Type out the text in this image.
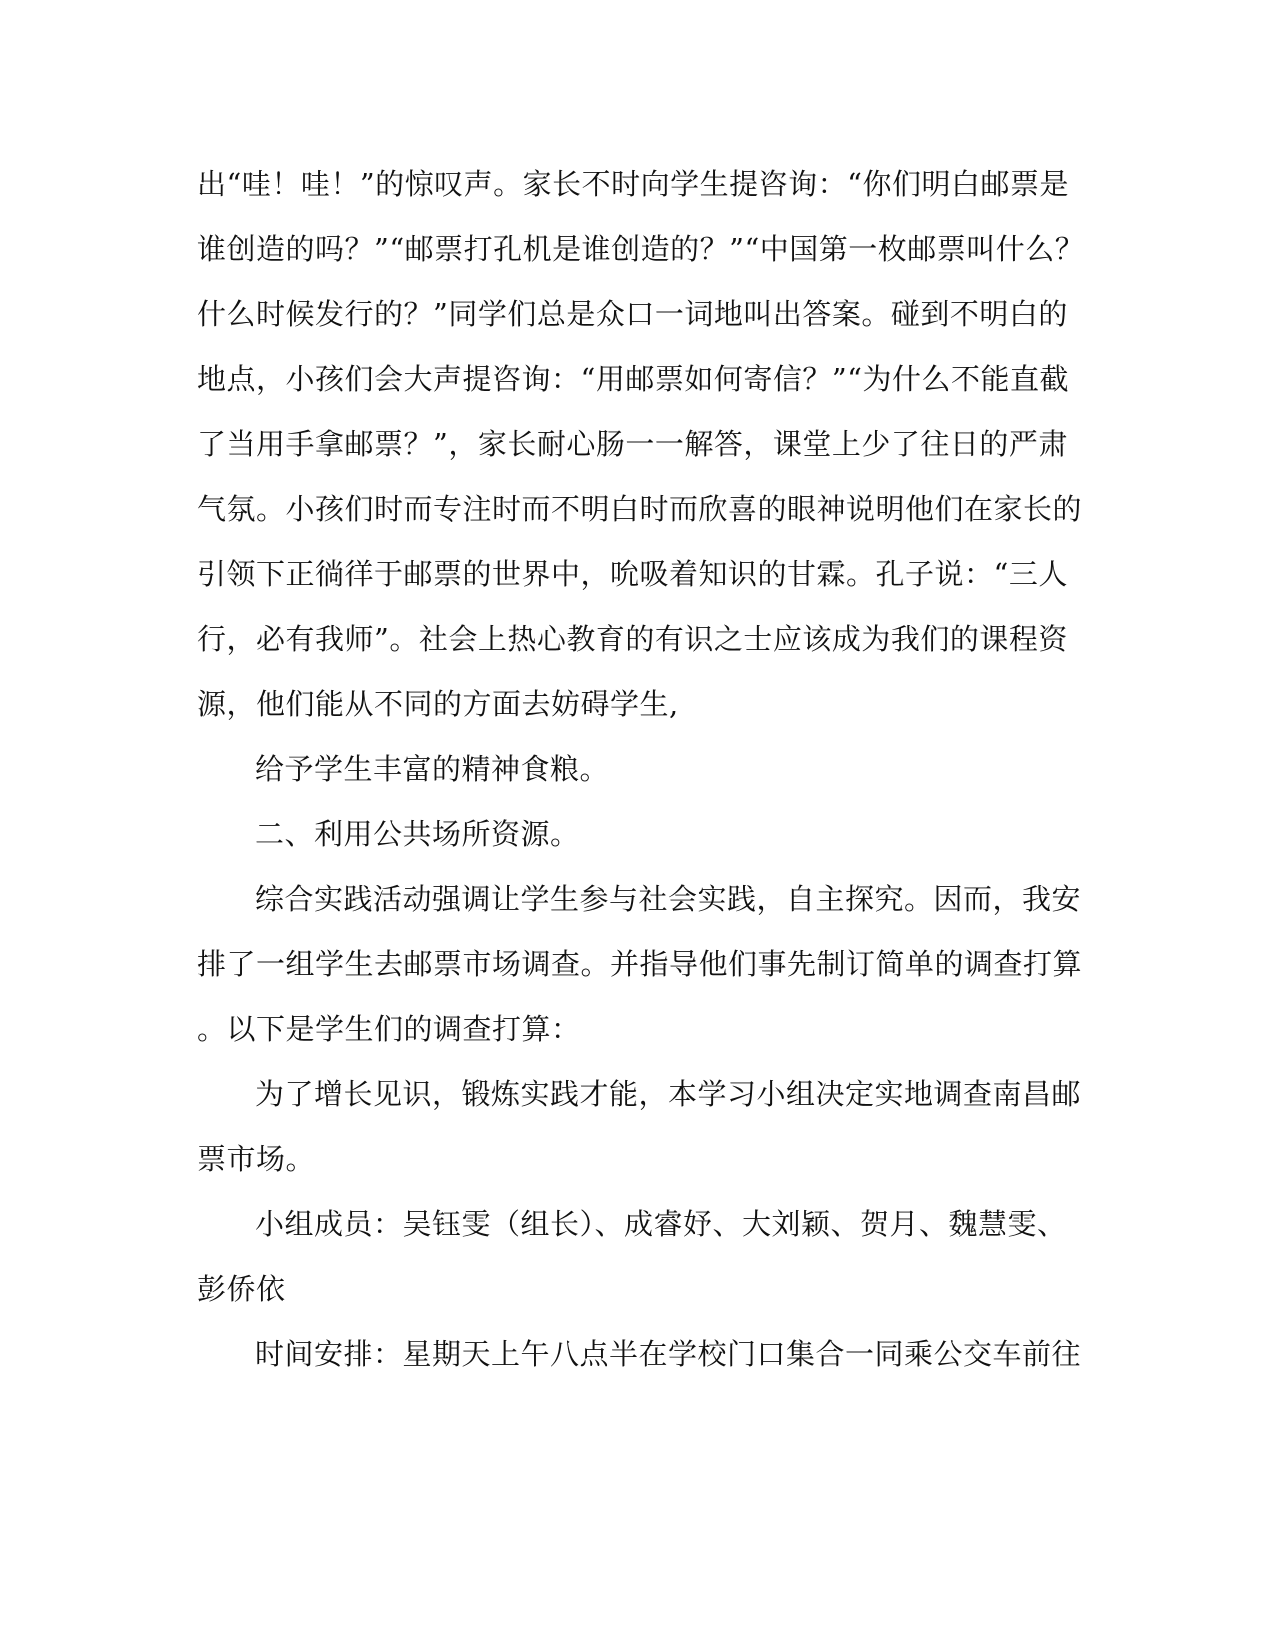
出“哇！哇！”的惊叹声。家长不时向学生提咨询：“你们明白邮票是
谁创造的吗？”“邮票打孔机是谁创造的？”“中国第一枚邮票叫什么？
什么时候发行的？”同学们总是众口一词地叫出答案。碰到不明白的
地点，小孩们会大声提咨询：“用邮票如何寄信？”“为什么不能直截
了当用手拿邮票？”，家长耐心肠一一解答，课堂上少了往日的严肃
气氛。小孩们时而专注时而不明白时而欣喜的眼神说明他们在家长的
引领下正徜徉于邮票的世界中，吮吸着知识的甘霖。孔子说：“三人
行，必有我师”。社会上热心教育的有识之士应该成为我们的课程资
源，他们能从不同的方面去妨碍学生,
给予学生丰富的精神食粮。
二、利用公共场所资源。
综合实践活动强调让学生参与社会实践，自主探究。因而，我安
排了一组学生去邮票市场调查。并指导他们事先制订简单的调查打算
。以下是学生们的调查打算：
为了增长见识，锻炼实践才能，本学习小组决定实地调查南昌邮
票市场。
小组成员：吴钰雯（组长）、成睿妤、大刘颖、贺月、魏慧雯、
彭侨依
时间安排：星期天上午八点半在学校门口集合一同乘公交车前往
